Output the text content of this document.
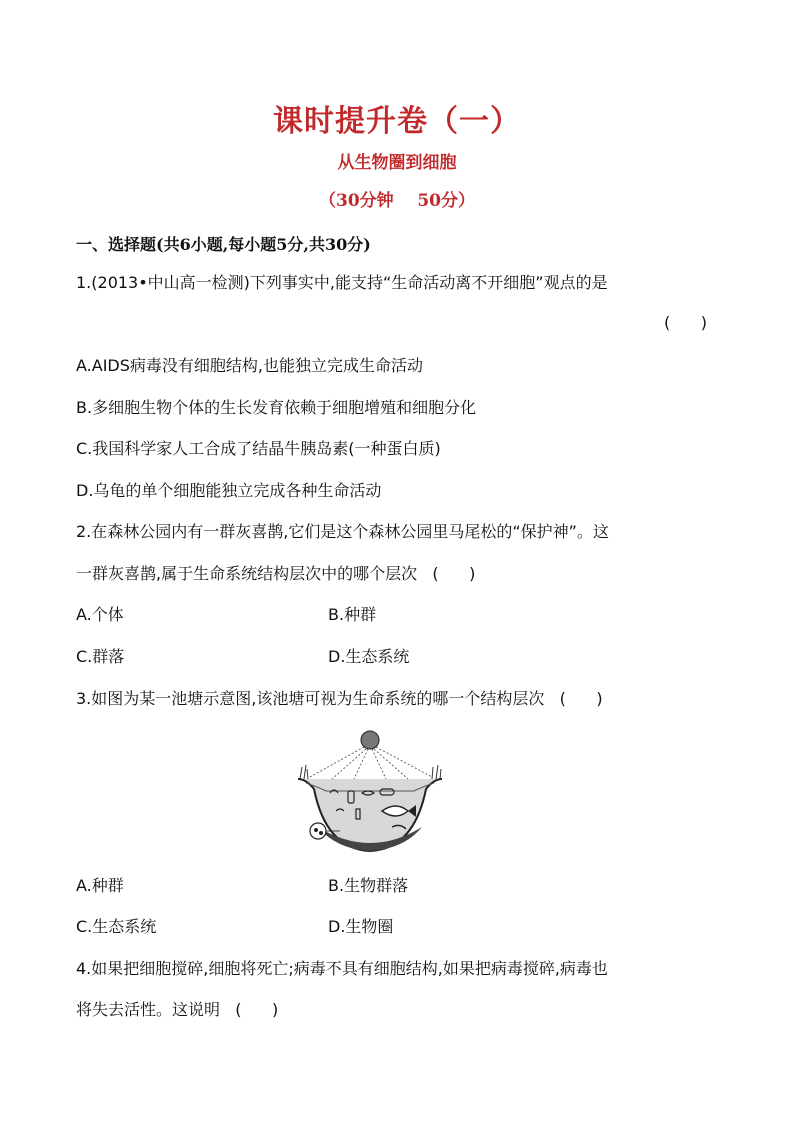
课时提升卷（一）
从生物圈到细胞
（30分钟    50分）
一、选择题(共6小题,每小题5分,共30分)
1.(2013•中山高一检测)下列事实中,能支持“生命活动离不开细胞”观点的是
(      )
A.AIDS病毒没有细胞结构,也能独立完成生命活动
B.多细胞生物个体的生长发育依赖于细胞增殖和细胞分化
C.我国科学家人工合成了结晶牛胰岛素(一种蛋白质)
D.乌龟的单个细胞能独立完成各种生命活动
2.在森林公园内有一群灰喜鹊,它们是这个森林公园里马尾松的“保护神”。这
一群灰喜鹊,属于生命系统结构层次中的哪个层次   (      )
A.个体	B.种群
C.群落	D.生态系统
3.如图为某一池塘示意图,该池塘可视为生命系统的哪一个结构层次   (      )
A.种群	B.生物群落
C.生态系统	D.生物圈
4.如果把细胞搅碎,细胞将死亡;病毒不具有细胞结构,如果把病毒搅碎,病毒也
将失去活性。这说明   (      )
